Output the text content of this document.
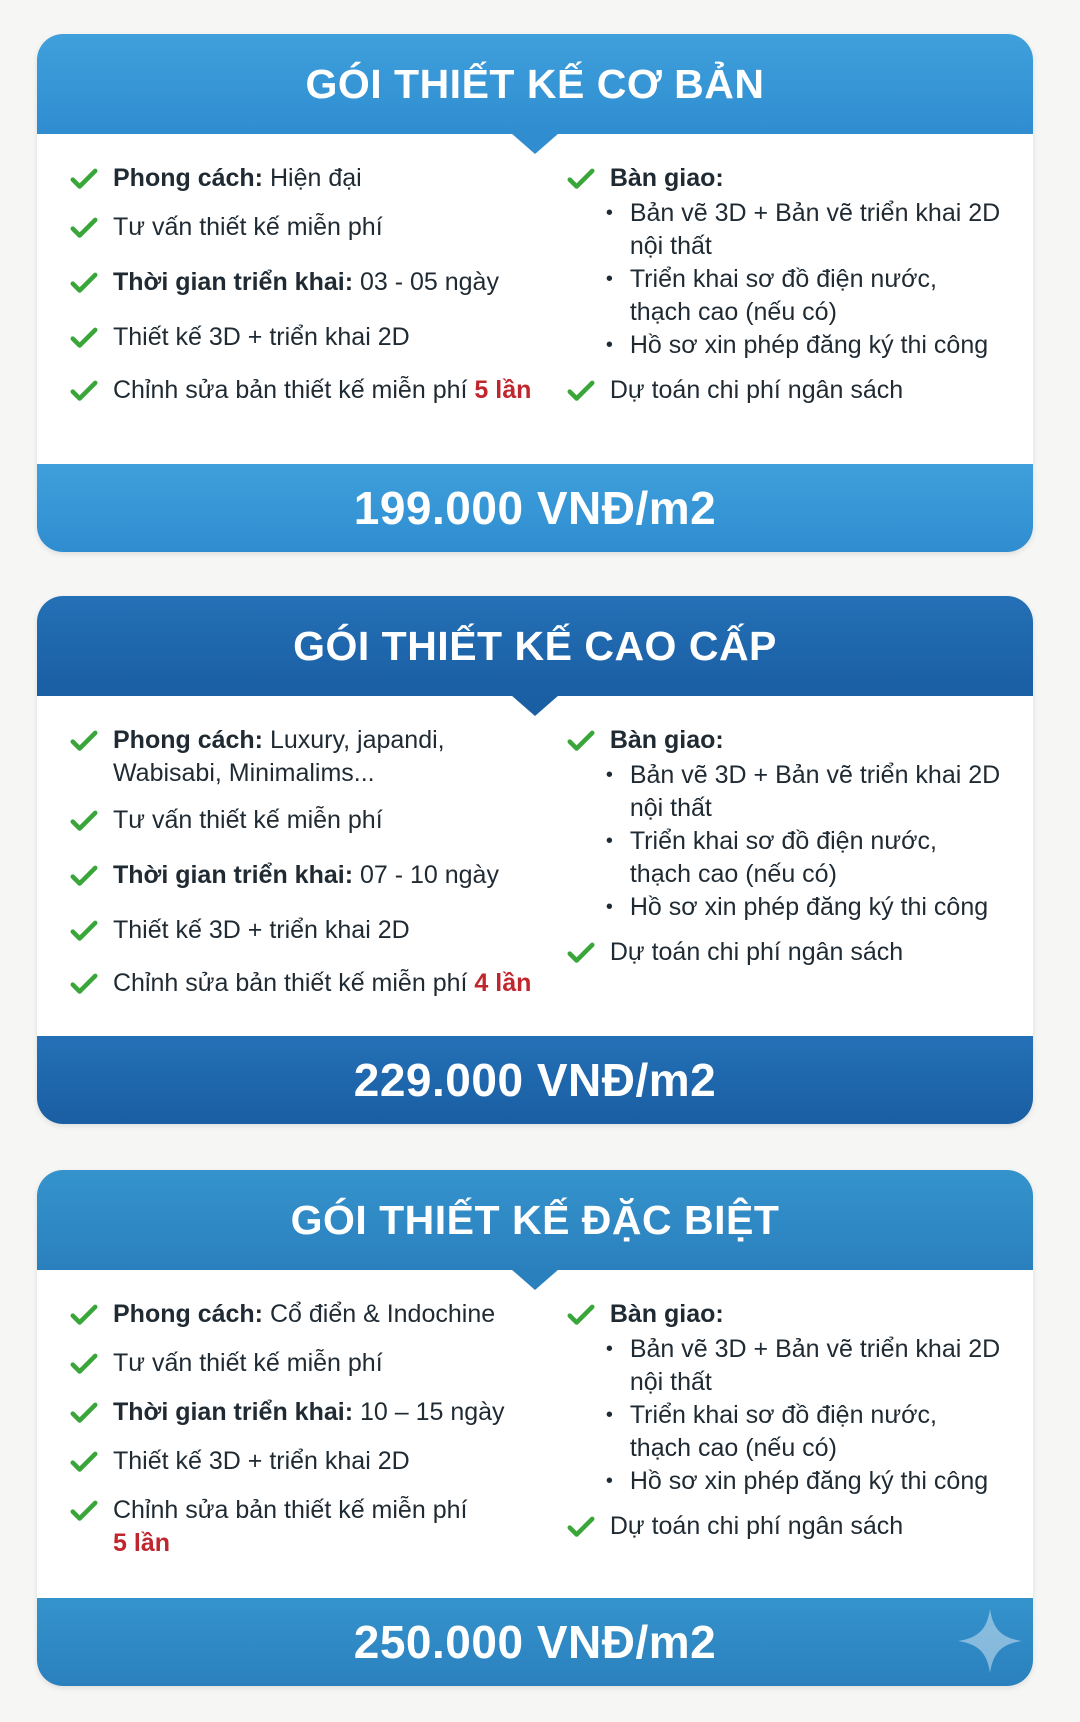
GÓI THIẾT KẾ CƠ BẢN
Phong cách: Hiện đại
Tư vấn thiết kế miễn phí
Thời gian triển khai: 03 - 05 ngày
Thiết kế 3D + triển khai 2D
Chỉnh sửa bản thiết kế miễn phí 5 lần
Bàn giao:
• Bản vẽ 3D + Bản vẽ triển khai 2D nội thất
• Triển khai sơ đồ điện nước, thạch cao (nếu có)
• Hồ sơ xin phép đăng ký thi công
Dự toán chi phí ngân sách
199.000 VNĐ/m2
GÓI THIẾT KẾ CAO CẤP
Phong cách: Luxury, japandi, Wabisabi, Minimalims...
Tư vấn thiết kế miễn phí
Thời gian triển khai: 07 - 10 ngày
Thiết kế 3D + triển khai 2D
Chỉnh sửa bản thiết kế miễn phí 4 lần
Bàn giao:
• Bản vẽ 3D + Bản vẽ triển khai 2D nội thất
• Triển khai sơ đồ điện nước, thạch cao (nếu có)
• Hồ sơ xin phép đăng ký thi công
Dự toán chi phí ngân sách
229.000 VNĐ/m2
GÓI THIẾT KẾ ĐẶC BIỆT
Phong cách: Cổ điển & Indochine
Tư vấn thiết kế miễn phí
Thời gian triển khai: 10 – 15 ngày
Thiết kế 3D + triển khai 2D
Chỉnh sửa bản thiết kế miễn phí
5 lần
Bàn giao:
• Bản vẽ 3D + Bản vẽ triển khai 2D nội thất
• Triển khai sơ đồ điện nước, thạch cao (nếu có)
• Hồ sơ xin phép đăng ký thi công
Dự toán chi phí ngân sách
250.000 VNĐ/m2
